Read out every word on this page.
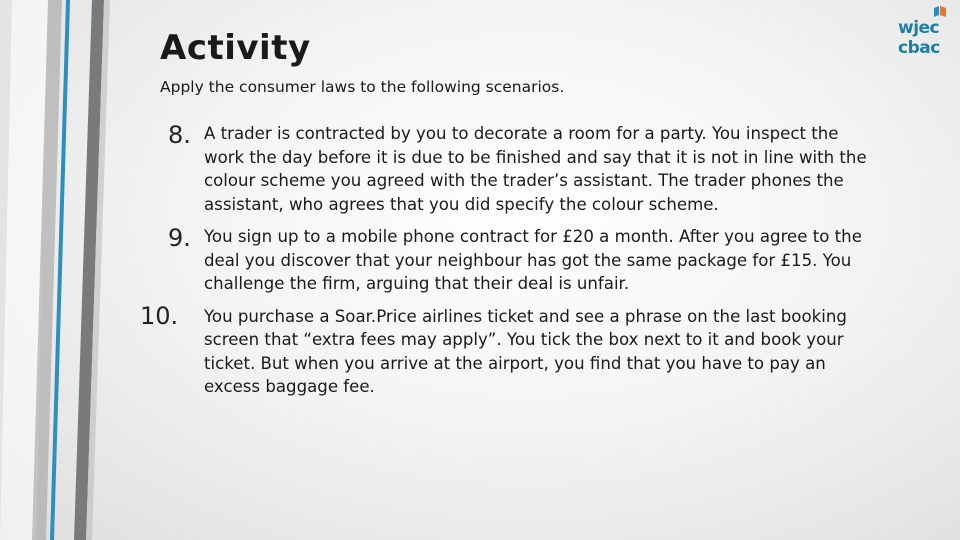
wjec
cbac
Activity

Apply the consumer laws to the following scenarios.

8. A trader is contracted by you to decorate a room for a party. You inspect the work the day before it is due to be finished and say that it is not in line with the colour scheme you agreed with the trader’s assistant. The trader phones the assistant, who agrees that you did specify the colour scheme.
9. You sign up to a mobile phone contract for £20 a month. After you agree to the deal you discover that your neighbour has got the same package for £15. You challenge the firm, arguing that their deal is unfair.
10. You purchase a Soar.Price airlines ticket and see a phrase on the last booking screen that “extra fees may apply”. You tick the box next to it and book your ticket. But when you arrive at the airport, you find that you have to pay an excess baggage fee.
